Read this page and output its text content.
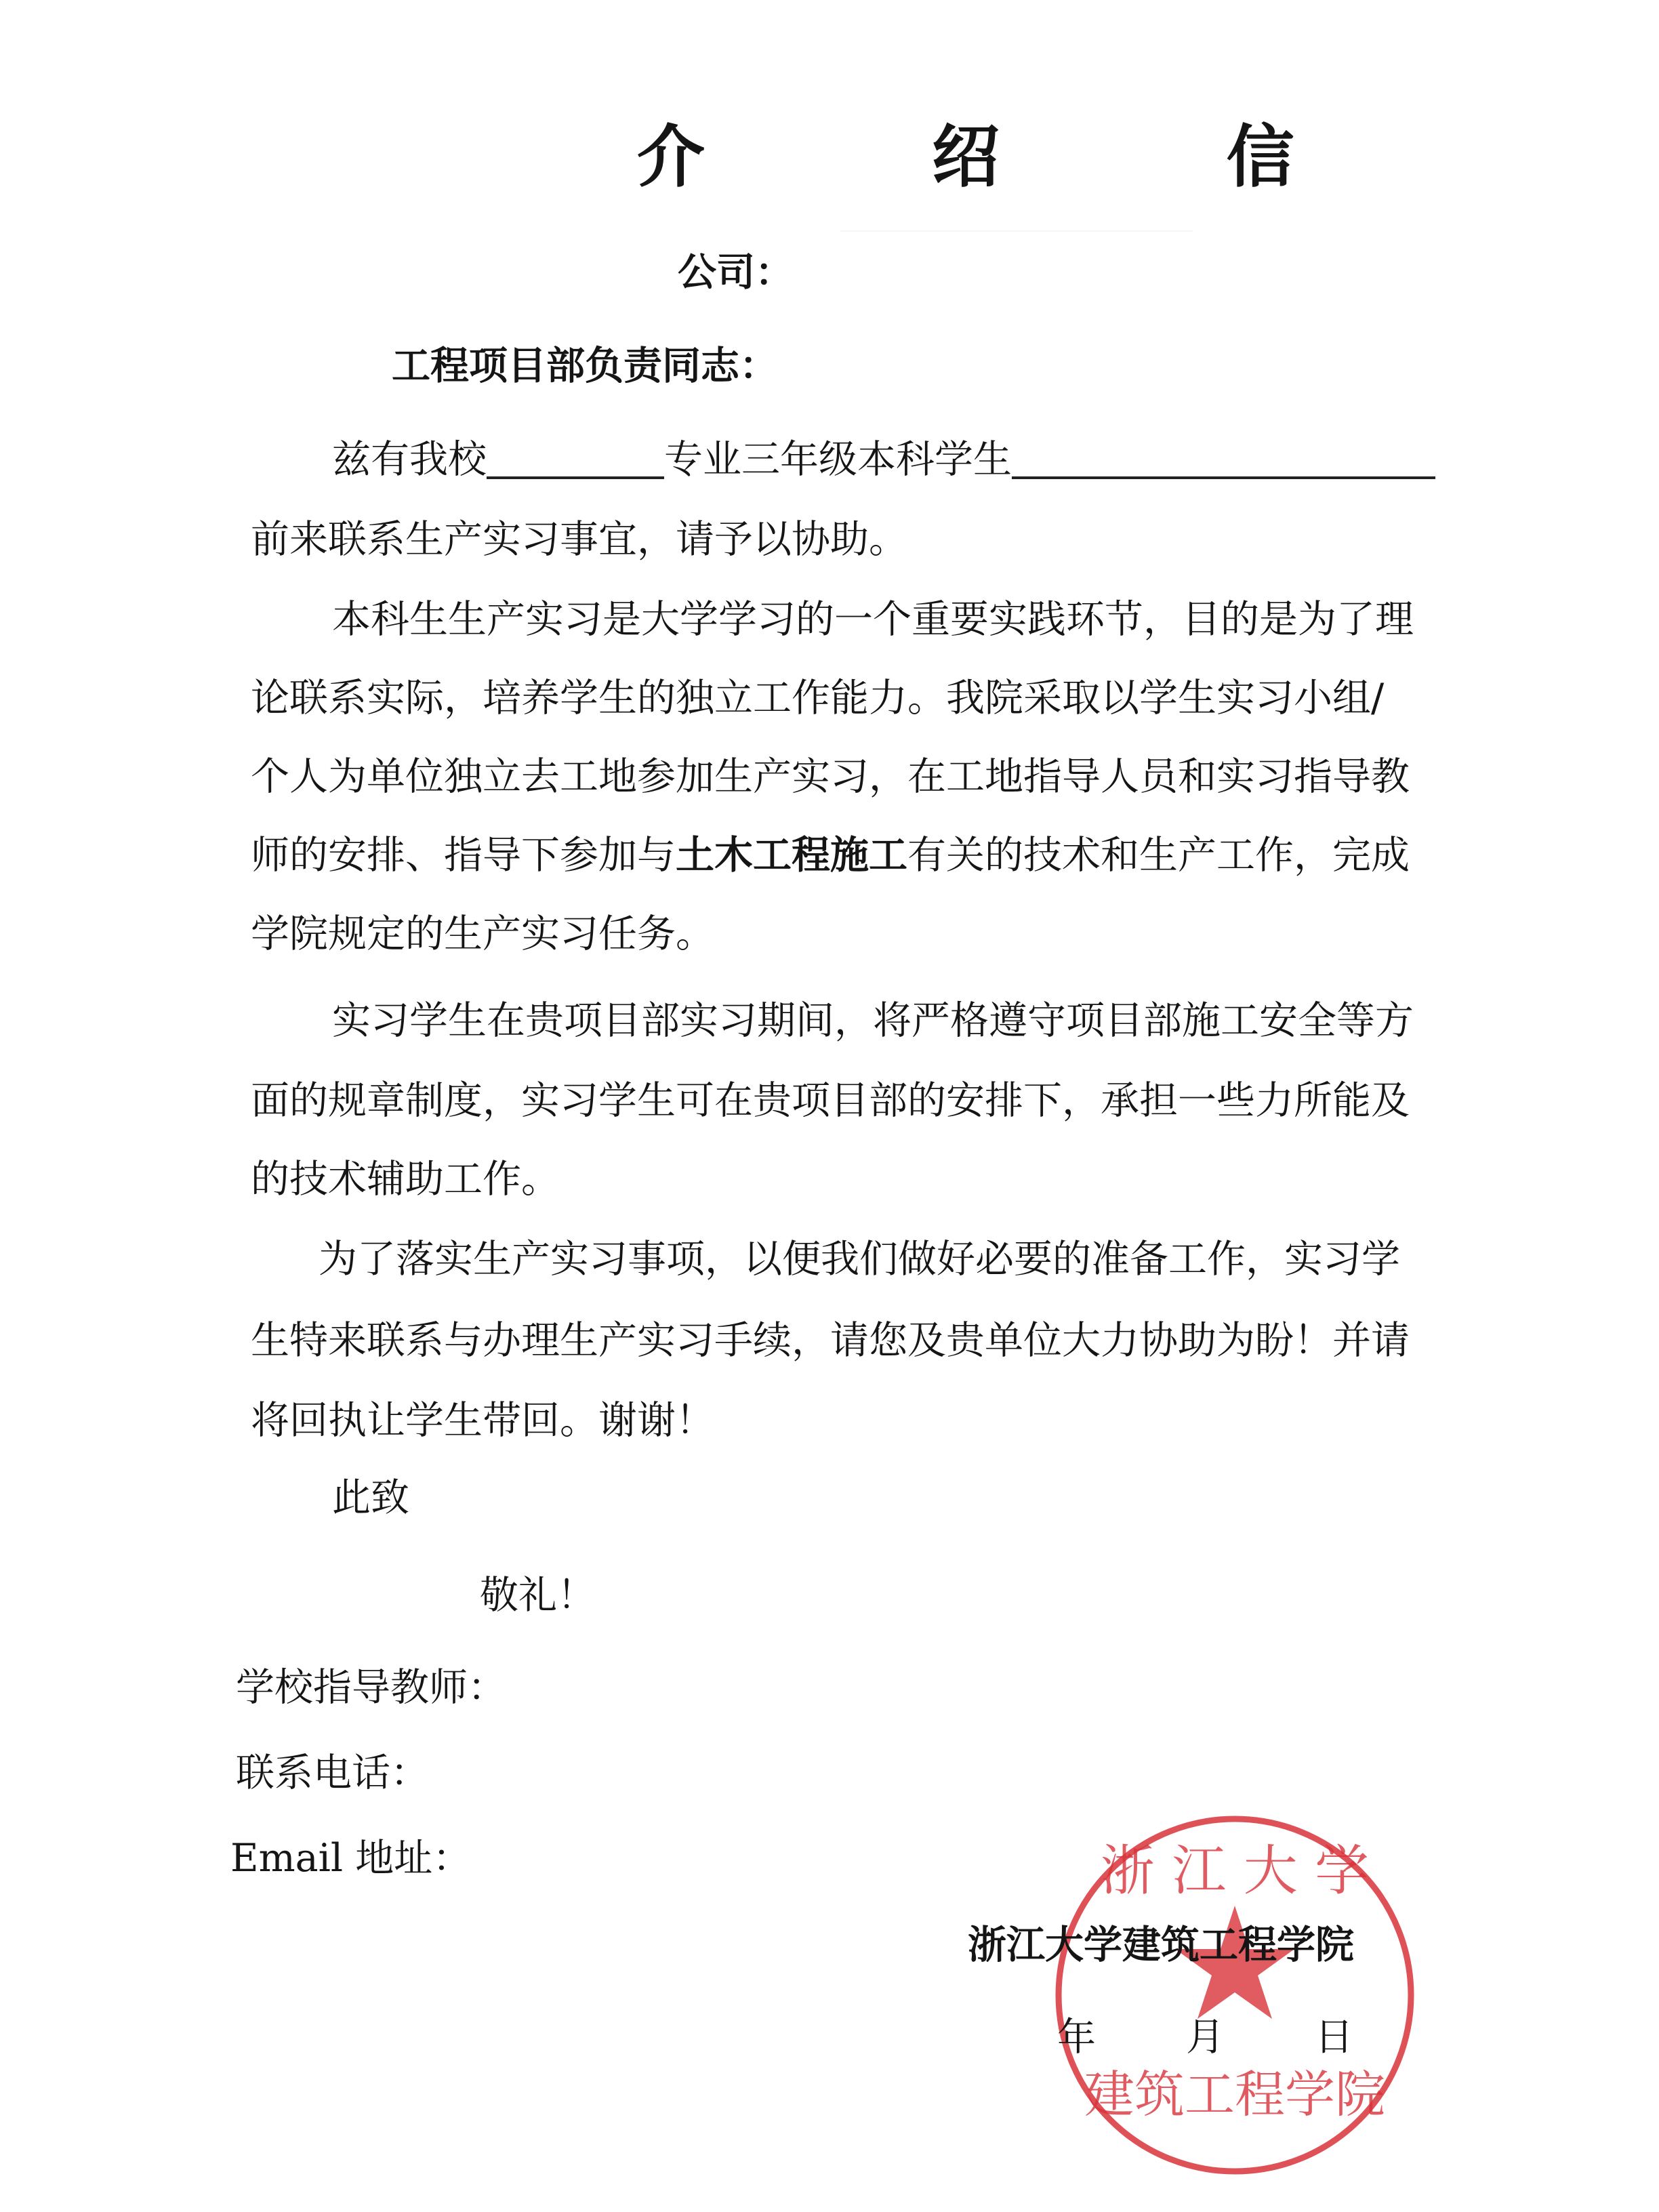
介 绍 信
公司：
工程项目部负责同志：
兹有我校	专业三年级本科学生
前来联系生产实习事宜，请予以协助。
本科生生产实习是大学学习的一个重要实践环节，目的是为了理
论联系实际，培养学生的独立工作能力。我院采取以学生实习小组/
个人为单位独立去工地参加生产实习，在工地指导人员和实习指导教
师的安排、指导下参加与土木工程施工有关的技术和生产工作，完成
学院规定的生产实习任务。
实习学生在贵项目部实习期间，将严格遵守项目部施工安全等方
面的规章制度，实习学生可在贵项目部的安排下，承担一些力所能及
的技术辅助工作。
为了落实生产实习事项，以便我们做好必要的准备工作，实习学
生特来联系与办理生产实习手续，请您及贵单位大力协助为盼！并请
将回执让学生带回。谢谢！
此致
敬礼！
学校指导教师：
联系电话：
Email 地址：	浙 江 大 学
建筑工程学院
浙江大学建筑工程学院
年 月 日
